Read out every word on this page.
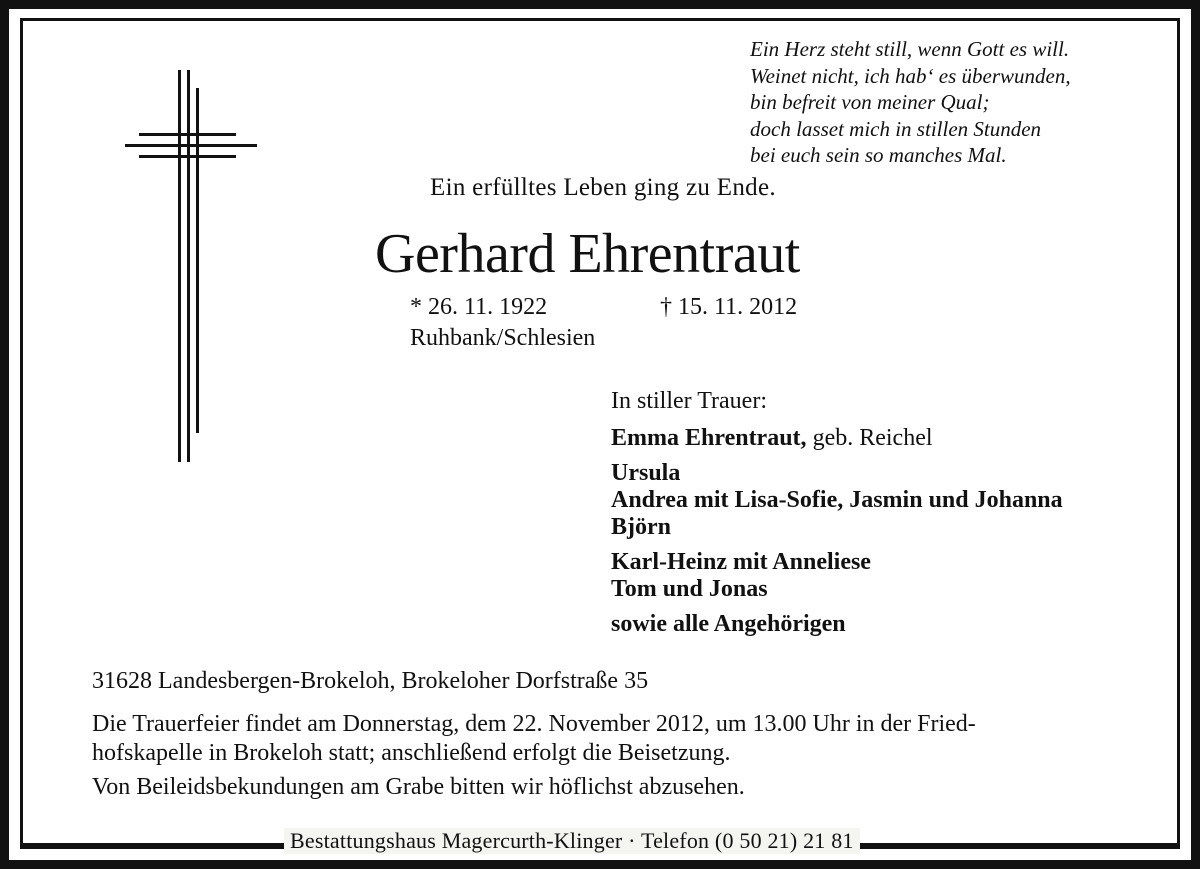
Ein Herz steht still, wenn Gott es will.
Weinet nicht, ich hab‘ es überwunden,
bin befreit von meiner Qual;
doch lasset mich in stillen Stunden
bei euch sein so manches Mal.
Ein erfülltes Leben ging zu Ende.
Gerhard Ehrentraut
* 26. 11. 1922	† 15. 11. 2012
Ruhbank/Schlesien
In stiller Trauer:
Emma Ehrentraut, geb. Reichel
Ursula
Andrea mit Lisa-Sofie, Jasmin und Johanna
Björn
Karl-Heinz mit Anneliese
Tom und Jonas
sowie alle Angehörigen
31628 Landesbergen-Brokeloh, Brokeloher Dorfstraße 35
Die Trauerfeier findet am Donnerstag, dem 22. November 2012, um 13.00 Uhr in der Fried-
hofskapelle in Brokeloh statt; anschließend erfolgt die Beisetzung.
Von Beileidsbekundungen am Grabe bitten wir höflichst abzusehen.
Bestattungshaus Magercurth-Klinger · Telefon (0 50 21) 21 81
